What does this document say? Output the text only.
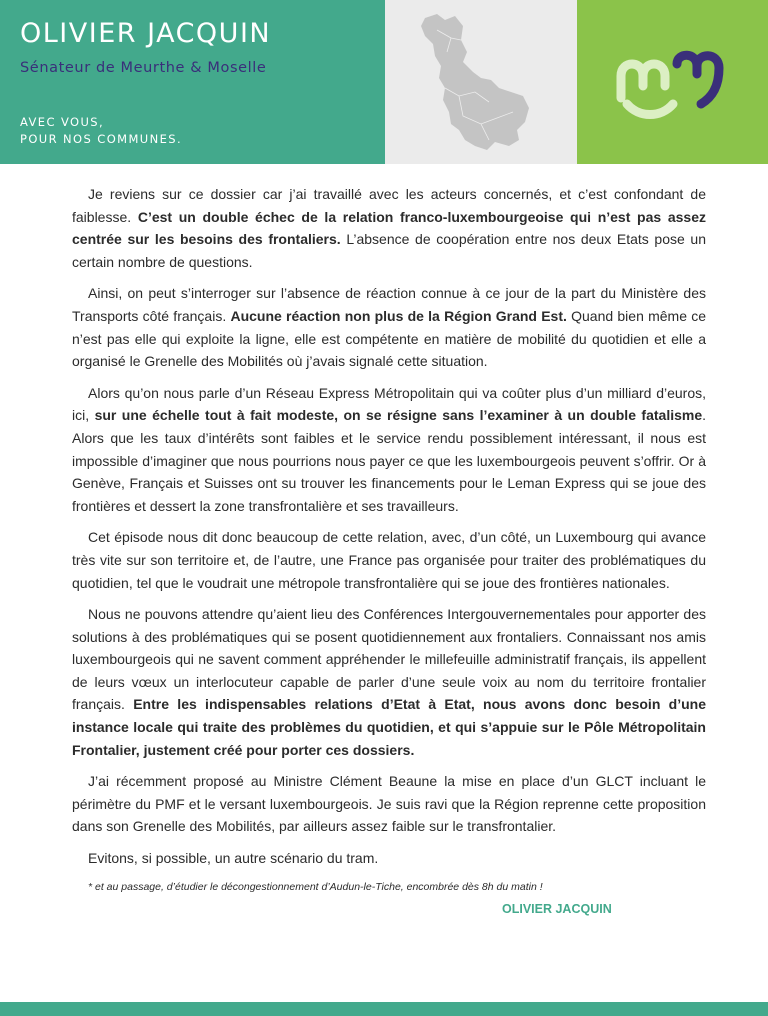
OLIVIER JACQUIN
Sénateur de Meurthe & Moselle
AVEC VOUS,
POUR NOS COMMUNES.

Je reviens sur ce dossier car j’ai travaillé avec les acteurs concernés, et c’est confondant de faiblesse. C’est un double échec de la relation franco-luxembourgeoise qui n’est pas assez centrée sur les besoins des frontaliers. L’absence de coopération entre nos deux Etats pose un certain nombre de questions.

Ainsi, on peut s’interroger sur l’absence de réaction connue à ce jour de la part du Ministère des Transports côté français. Aucune réaction non plus de la Région Grand Est. Quand bien même ce n’est pas elle qui exploite la ligne, elle est compétente en matière de mobilité du quotidien et elle a organisé le Grenelle des Mobilités où j’avais signalé cette situation.

Alors qu’on nous parle d’un Réseau Express Métropolitain qui va coûter plus d’un milliard d’euros, ici, sur une échelle tout à fait modeste, on se résigne sans l’examiner à un double fatalisme. Alors que les taux d’intérêts sont faibles et le service rendu possiblement intéressant, il nous est impossible d’imaginer que nous pourrions nous payer ce que les luxembourgeois peuvent s’offrir. Or à Genève, Français et Suisses ont su trouver les financements pour le Leman Express qui se joue des frontières et dessert la zone transfrontalière et ses travailleurs.

Cet épisode nous dit donc beaucoup de cette relation, avec, d’un côté, un Luxembourg qui avance très vite sur son territoire et, de l’autre, une France pas organisée pour traiter des problématiques du quotidien, tel que le voudrait une métropole transfrontalière qui se joue des frontières nationales.

Nous ne pouvons attendre qu’aient lieu des Conférences Intergouvernementales pour apporter des solutions à des problématiques qui se posent quotidiennement aux frontaliers. Connaissant nos amis luxembourgeois qui ne savent comment appréhender le millefeuille administratif français, ils appellent de leurs vœux un interlocuteur capable de parler d’une seule voix au nom du territoire frontalier français. Entre les indispensables relations d’Etat à Etat, nous avons donc besoin d’une instance locale qui traite des problèmes du quotidien, et qui s’appuie sur le Pôle Métropolitain Frontalier, justement créé pour porter ces dossiers.

J’ai récemment proposé au Ministre Clément Beaune la mise en place d’un GLCT incluant le périmètre du PMF et le versant luxembourgeois. Je suis ravi que la Région reprenne cette proposition dans son Grenelle des Mobilités, par ailleurs assez faible sur le transfrontalier.

Evitons, si possible, un autre scénario du tram.

* et au passage, d’étudier le décongestionnement d’Audun-le-Tiche, encombrée dès 8h du matin !

OLIVIER JACQUIN
